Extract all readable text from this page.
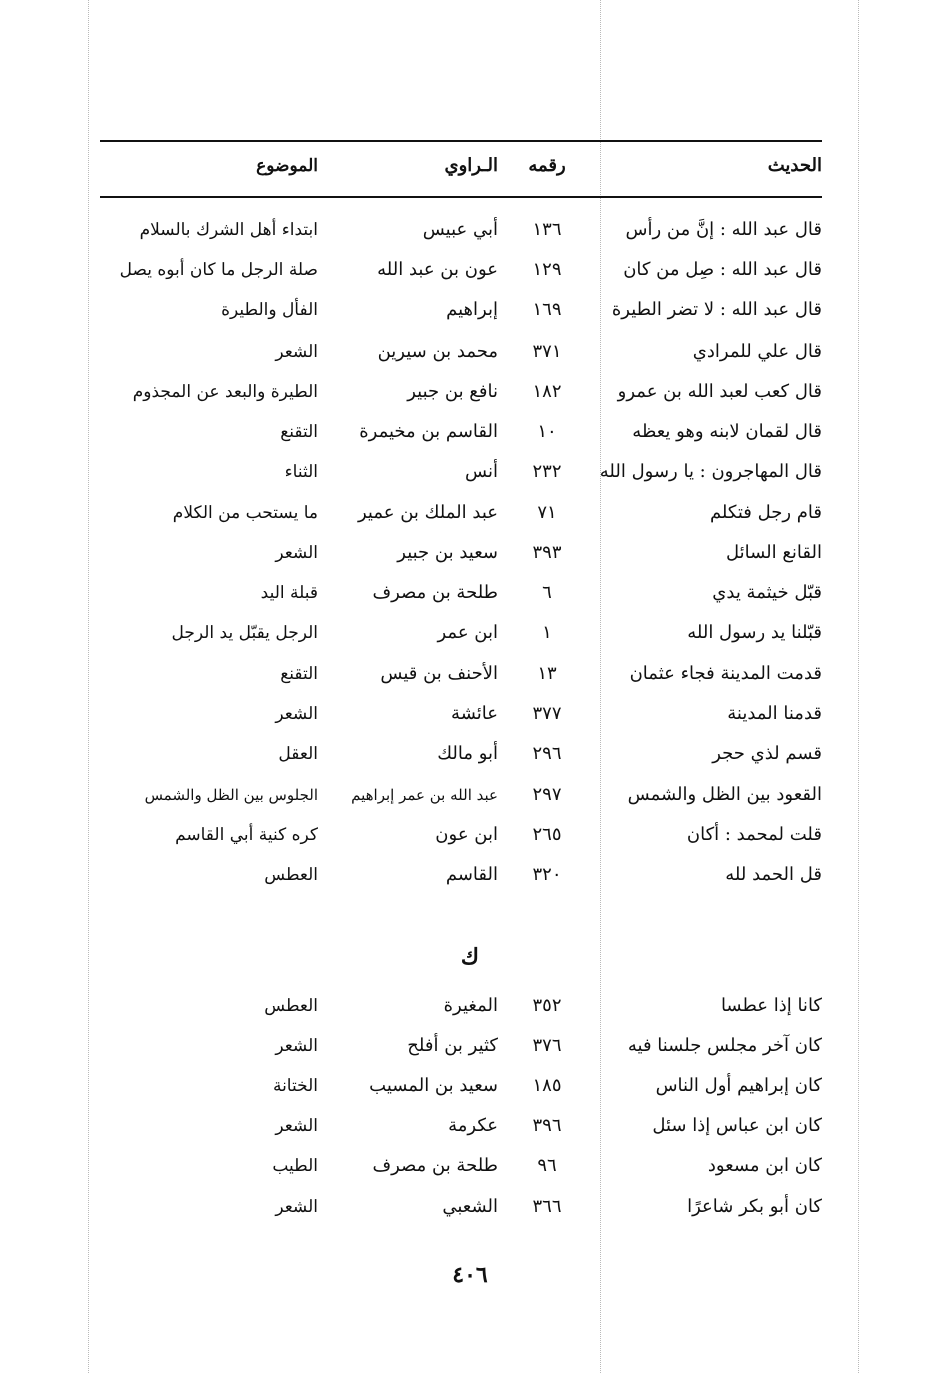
الحديث
رقمه
الـراوي
الموضوع
قال عبد الله : إنَّ من رأس
١٣٦
أبي عبيس
ابتداء أهل الشرك بالسلام
قال عبد الله : صِل من كان
١٢٩
عون بن عبد الله
صلة الرجل ما كان أبوه يصل
قال عبد الله : لا تضر الطيرة
١٦٩
إبراهيم
الفأل والطيرة
قال علي للمرادي
٣٧١
محمد بن سيرين
الشعر
قال كعب لعبد الله بن عمرو
١٨٢
نافع بن جبير
الطيرة والبعد عن المجذوم
قال لقمان لابنه وهو يعظه
١٠
القاسم بن مخيمرة
التقنع
قال المهاجرون : يا رسول الله
٢٣٢
أنس
الثناء
قام رجل فتكلم
٧١
عبد الملك بن عمير
ما يستحب من الكلام
القانع السائل
٣٩٣
سعيد بن جبير
الشعر
قبّل خيثمة يدي
٦
طلحة بن مصرف
قبلة اليد
قبّلنا يد رسول الله
١
ابن عمر
الرجل يقبّل يد الرجل
قدمت المدينة فجاء عثمان
١٣
الأحنف بن قيس
التقنع
قدمنا المدينة
٣٧٧
عائشة
الشعر
قسم لذي حجر
٢٩٦
أبو مالك
العقل
القعود بين الظل والشمس
٢٩٧
عبد الله بن عمر إبراهيم
الجلوس بين الظل والشمس
قلت لمحمد : أكان
٢٦٥
ابن عون
كره كنية أبي القاسم
قل الحمد لله
٣٢٠
القاسم
العطس
ك
كانا إذا عطسا
٣٥٢
المغيرة
العطس
كان آخر مجلس جلسنا فيه
٣٧٦
كثير بن أفلح
الشعر
كان إبراهيم أول الناس
١٨٥
سعيد بن المسيب
الختانة
كان ابن عباس إذا سئل
٣٩٦
عكرمة
الشعر
كان ابن مسعود
٩٦
طلحة بن مصرف
الطيب
كان أبو بكر شاعرًا
٣٦٦
الشعبي
الشعر
٤٠٦
